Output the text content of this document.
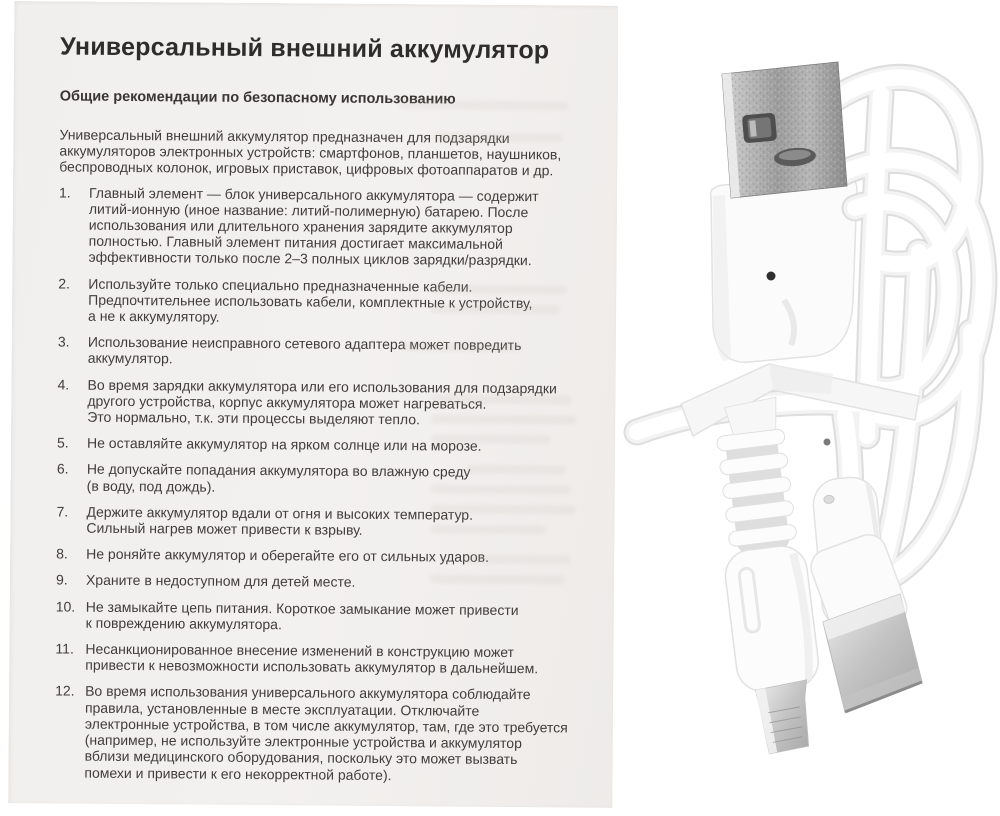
Универсальный внешний аккумулятор
Общие рекомендации по безопасному использованию

Универсальный внешний аккумулятор предназначен для подзарядки
аккумуляторов электронных устройств: смартфонов, планшетов, наушников,
беспроводных колонок, игровых приставок, цифровых фотоаппаратов и др.

1.	Главный элемент — блок универсального аккумулятора — содержит
литий-ионную (иное название: литий-полимерную) батарею. После
использования или длительного хранения зарядите аккумулятор
полностью. Главный элемент питания достигает максимальной
эффективности только после 2–3 полных циклов зарядки/разрядки.
2.	Используйте только специально предназначенные кабели.
Предпочтительнее использовать кабели, комплектные к устройству,
а не к аккумулятору.
3.	Использование неисправного сетевого адаптера может повредить
аккумулятор.
4.	Во время зарядки аккумулятора или его использования для подзарядки
другого устройства, корпус аккумулятора может нагреваться.
Это нормально, т.к. эти процессы выделяют тепло.
5.	Не оставляйте аккумулятор на ярком солнце или на морозе.
6.	Не допускайте попадания аккумулятора во влажную среду
(в воду, под дождь).
7.	Держите аккумулятор вдали от огня и высоких температур.
Сильный нагрев может привести к взрыву.
8.	Не роняйте аккумулятор и оберегайте его от сильных ударов.
9.	Храните в недоступном для детей месте.
10. Не замыкайте цепь питания. Короткое замыкание может привести
к повреждению аккумулятора.
11. Несанкционированное внесение изменений в конструкцию может
привести к невозможности использовать аккумулятор в дальнейшем.
12. Во время использования универсального аккумулятора соблюдайте
правила, установленные в месте эксплуатации. Отключайте
электронные устройства, в том числе аккумулятор, там, где это требуется
(например, не используйте электронные устройства и аккумулятор
вблизи медицинского оборудования, поскольку это может вызвать
помехи и привести к его некорректной работе).
